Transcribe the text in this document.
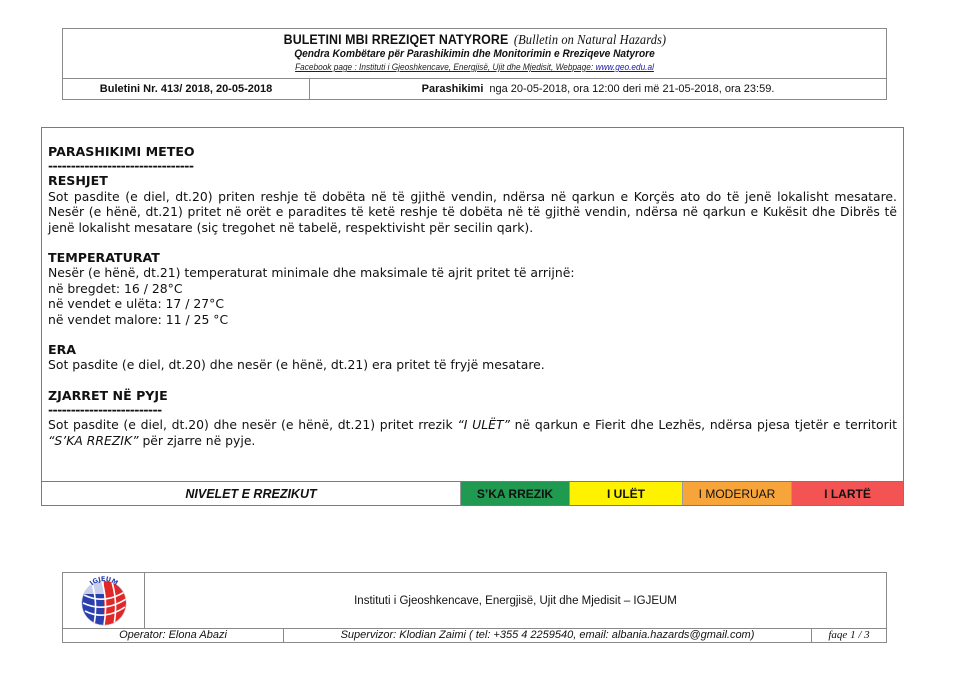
BULETINI MBI RREZIQET NATYRORE (Bulletin on Natural Hazards)
Qendra Kombëtare për Parashikimin dhe Monitorimin e Rreziqeve Natyrore
Facebook page : Instituti i Gjeoshkencave, Energjisë, Ujit dhe Mjedisit, Webpage: www.geo.edu.al
Buletini Nr. 413/ 2018, 20-05-2018	Parashikimi nga 20-05-2018, ora 12:00 deri më 21-05-2018, ora 23:59.
PARASHIKIMI METEO
--------------------------------
RESHJET

Sot pasdite (e diel, dt.20) priten reshje të dobëta në të gjithë vendin, ndërsa në qarkun e Korçës ato do të jenë lokalisht mesatare. Nesër (e hënë, dt.21) pritet në orët e paradites të ketë reshje të dobëta në të gjithë vendin, ndërsa në qarkun e Kukësit dhe Dibrës të jenë lokalisht mesatare (siç tregohet në tabelë, respektivisht për secilin qark).

TEMPERATURAT

Nesër (e hënë, dt.21) temperaturat minimale dhe maksimale të ajrit pritet të arrijnë:

në bregdet: 16 / 28°C

në vendet e ulëta: 17 / 27°C

në vendet malore: 11 / 25 °C

ERA

Sot pasdite (e diel, dt.20) dhe nesër (e hënë, dt.21) era pritet të fryjë mesatare.

ZJARRET NË PYJE
-------------------------

Sot pasdite (e diel, dt.20) dhe nesër (e hënë, dt.21) pritet rrezik “I ULËT” në qarkun e Fierit dhe Lezhës, ndërsa pjesa tjetër e territorit “S’KA RREZIK” për zjarre në pyje.

NIVELET E RREZIKUT	S’KA RREZIK	I ULËT	I MODERUAR	I LARTË
IGJEUM
Instituti i Gjeoshkencave, Energjisë, Ujit dhe Mjedisit – IGJEUM
Operator: Elona Abazi	Supervizor: Klodian Zaimi ( tel: +355 4 2259540, email: albania.hazards@gmail.com)	faqe 1 / 3
